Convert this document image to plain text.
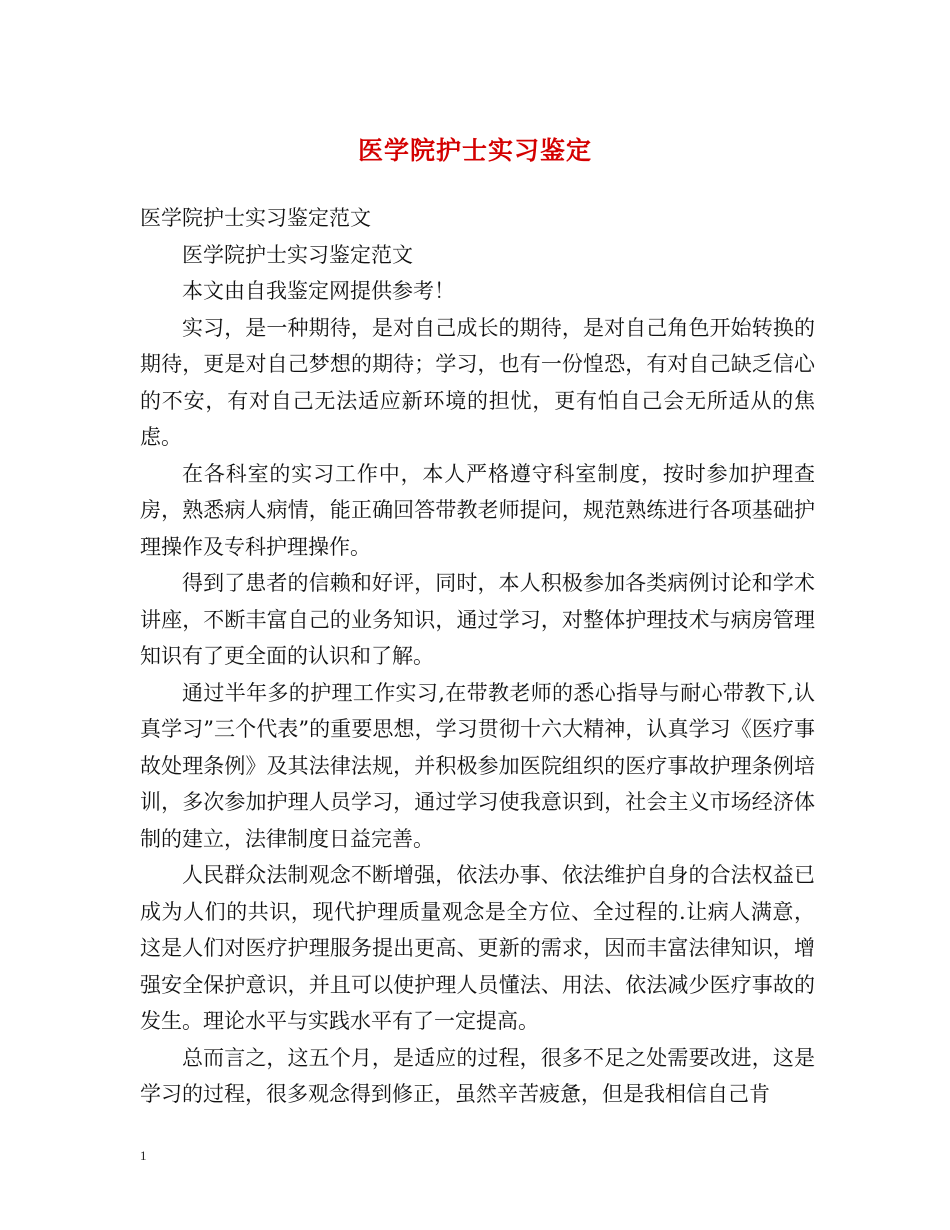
医学院护士实习鉴定

医学院护士实习鉴定范文

医学院护士实习鉴定范文

本文由自我鉴定网提供参考！

实习，是一种期待，是对自己成长的期待，是对自己角色开始转换的期待，更是对自己梦想的期待；学习，也有一份惶恐，有对自己缺乏信心的不安，有对自己无法适应新环境的担忧，更有怕自己会无所适从的焦虑。

在各科室的实习工作中，本人严格遵守科室制度，按时参加护理查房，熟悉病人病情，能正确回答带教老师提问，规范熟练进行各项基础护理操作及专科护理操作。

得到了患者的信赖和好评，同时，本人积极参加各类病例讨论和学术讲座，不断丰富自己的业务知识，通过学习，对整体护理技术与病房管理知识有了更全面的认识和了解。

通过半年多的护理工作实习,在带教老师的悉心指导与耐心带教下,认真学习”三个代表”的重要思想，学习贯彻十六大精神，认真学习《医疗事故处理条例》及其法律法规，并积极参加医院组织的医疗事故护理条例培训，多次参加护理人员学习，通过学习使我意识到，社会主义市场经济体制的建立，法律制度日益完善。

人民群众法制观念不断增强，依法办事、依法维护自身的合法权益已成为人们的共识，现代护理质量观念是全方位、全过程的.让病人满意，这是人们对医疗护理服务提出更高、更新的需求，因而丰富法律知识，增强安全保护意识，并且可以使护理人员懂法、用法、依法减少医疗事故的发生。理论水平与实践水平有了一定提高。

总而言之，这五个月，是适应的过程，很多不足之处需要改进，这是学习的过程，很多观念得到修正，虽然辛苦疲惫，但是我相信自己肯

1
